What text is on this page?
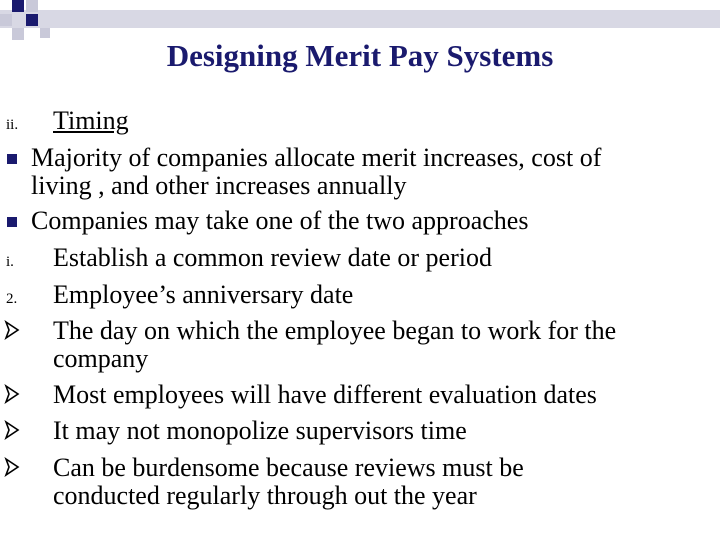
Designing Merit Pay Systems
ii. Timing
Majority of companies allocate merit increases, cost of
living , and other increases annually
Companies may take one of the two approaches
i. Establish a common review date or period
2. Employee’s anniversary date
The day on which the employee began to work for the
company
Most employees will have different evaluation dates
It may not monopolize supervisors time
Can be burdensome because reviews must be
conducted regularly through out the year
